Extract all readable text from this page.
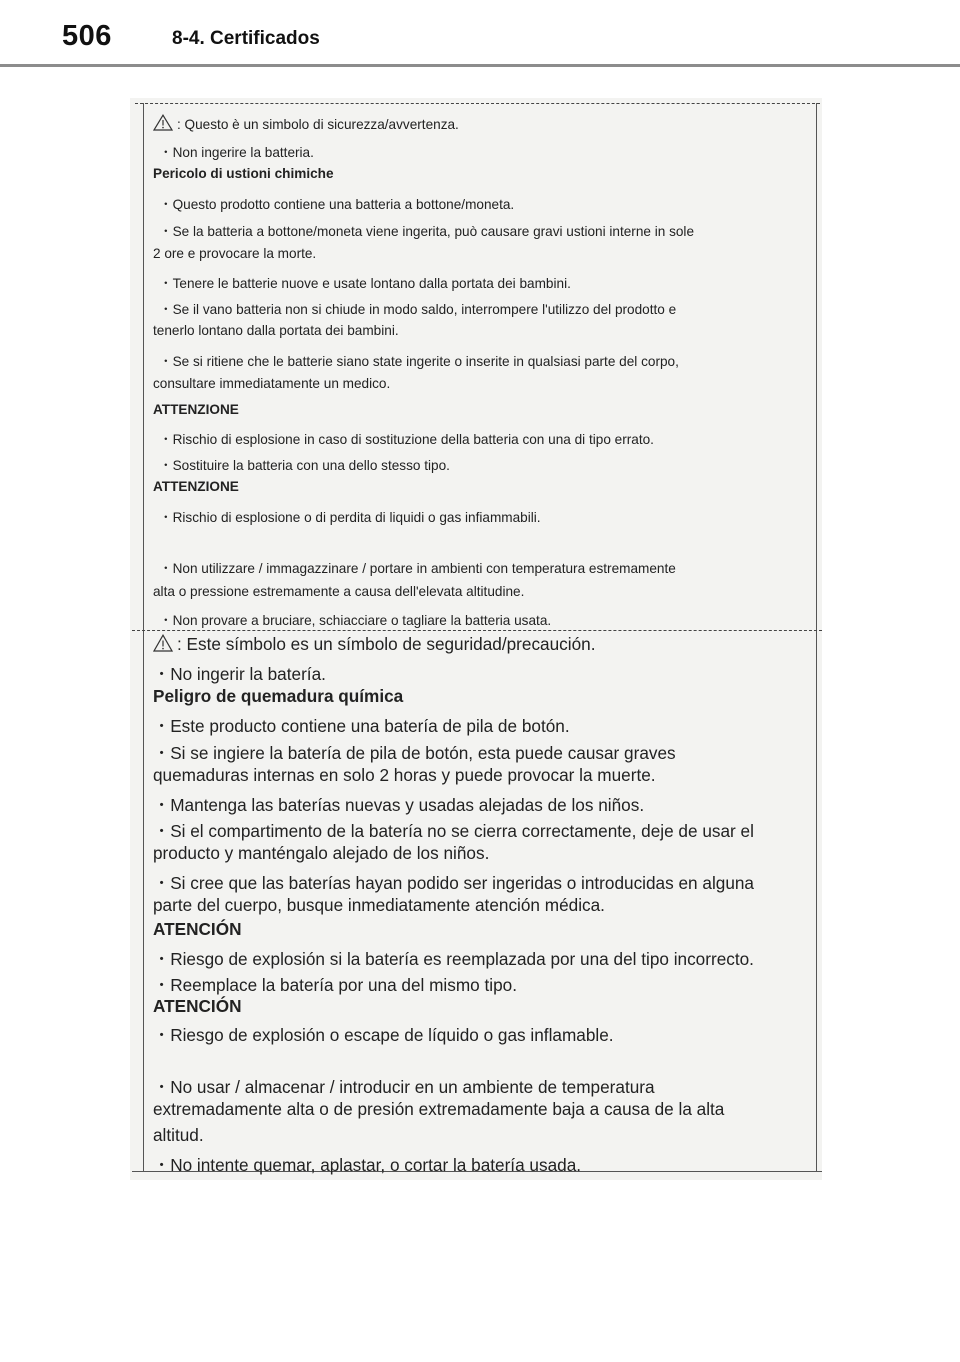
506	8-4. Certificados
: Questo è un simbolo di sicurezza/avvertenza.
・Non ingerire la batteria.
Pericolo di ustioni chimiche
・Questo prodotto contiene una batteria a bottone/moneta.
・Se la batteria a bottone/moneta viene ingerita, può causare gravi ustioni interne in sole
2 ore e provocare la morte.
・Tenere le batterie nuove e usate lontano dalla portata dei bambini.
・Se il vano batteria non si chiude in modo saldo, interrompere l'utilizzo del prodotto e
tenerlo lontano dalla portata dei bambini.
・Se si ritiene che le batterie siano state ingerite o inserite in qualsiasi parte del corpo,
consultare immediatamente un medico.
ATTENZIONE
・Rischio di esplosione in caso di sostituzione della batteria con una di tipo errato.
・Sostituire la batteria con una dello stesso tipo.
ATTENZIONE
・Rischio di esplosione o di perdita di liquidi o gas infiammabili.
・Non utilizzare / immagazzinare / portare in ambienti con temperatura estremamente
alta o pressione estremamente a causa dell'elevata altitudine.
・Non provare a bruciare, schiacciare o tagliare la batteria usata.
: Este símbolo es un símbolo de seguridad/precaución.
・No ingerir la batería.
Peligro de quemadura química
・Este producto contiene una batería de pila de botón.
・Si se ingiere la batería de pila de botón, esta puede causar graves
quemaduras internas en solo 2 horas y puede provocar la muerte.
・Mantenga las baterías nuevas y usadas alejadas de los niños.
・Si el compartimento de la batería no se cierra correctamente, deje de usar el
producto y manténgalo alejado de los niños.
・Si cree que las baterías hayan podido ser ingeridas o introducidas en alguna
parte del cuerpo, busque inmediatamente atención médica.
ATENCIÓN
・Riesgo de explosión si la batería es reemplazada por una del tipo incorrecto.
・Reemplace la batería por una del mismo tipo.
ATENCIÓN
・Riesgo de explosión o escape de líquido o gas inflamable.
・No usar / almacenar / introducir en un ambiente de temperatura
extremadamente alta o de presión extremadamente baja a causa de la alta
altitud.
・No intente quemar, aplastar, o cortar la batería usada.
